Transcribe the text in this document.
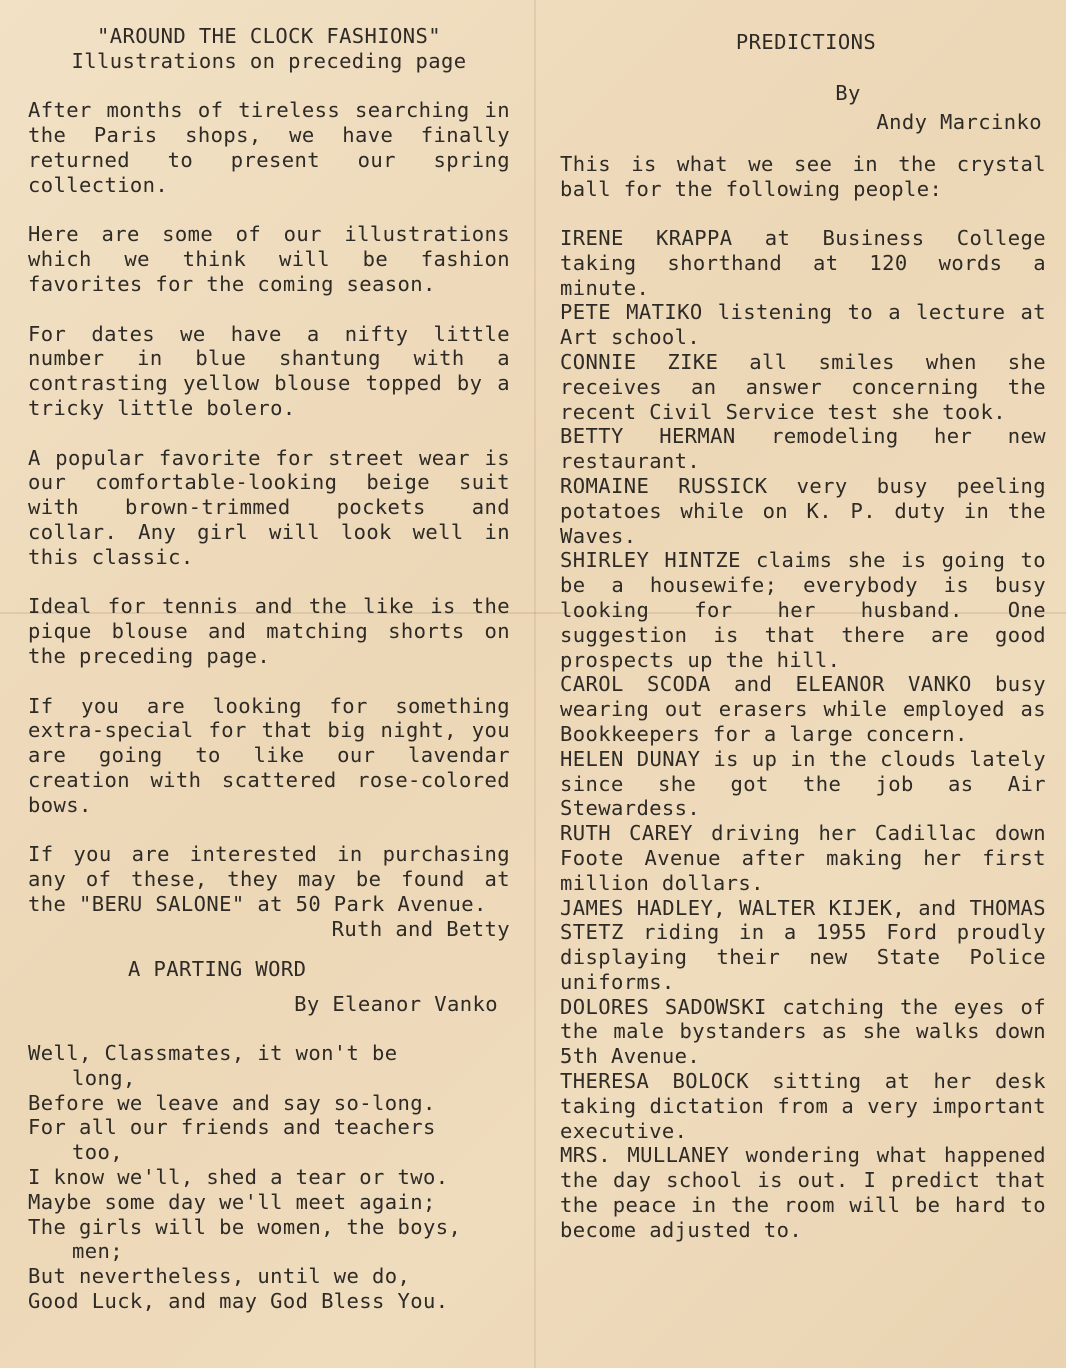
"AROUND THE CLOCK FASHIONS"

Illustrations on preceding page

After months of tireless searching in the Paris shops, we have finally returned to present our spring collection.

Here are some of our illustrations which we think will be fashion favorites for the coming season.

For dates we have a nifty little number in blue shantung with a contrasting yellow blouse topped by a tricky little bolero.

A popular favorite for street wear is our comfortable-looking beige suit with brown-trimmed pockets and collar. Any girl will look well in this classic.

Ideal for tennis and the like is the pique blouse and matching shorts on the preceding page.

If you are looking for something extra-special for that big night, you are going to like our lavendar creation with scattered rose-colored bows.

If you are interested in purchasing any of these, they may be found at the "BERU SALONE" at 50 Park Avenue.

Ruth and Betty

A PARTING WORD

By Eleanor Vanko

Well, Classmates, it won't be

long,

Before we leave and say so-long.

For all our friends and teachers

too,

I know we'll, shed a tear or two.

Maybe some day we'll meet again;

The girls will be women, the boys,

men;

But nevertheless, until we do,

Good Luck, and may God Bless You.

PREDICTIONS

By

Andy Marcinko

This is what we see in the crystal ball for the following people:

IRENE KRAPPA at Business College taking shorthand at 120 words a minute.

PETE MATIKO listening to a lecture at Art school.

CONNIE ZIKE all smiles when she receives an answer concerning the recent Civil Service test she took.

BETTY HERMAN remodeling her new restaurant.

ROMAINE RUSSICK very busy peeling potatoes while on K. P. duty in the Waves.

SHIRLEY HINTZE claims she is going to be a housewife; everybody is busy looking for her husband. One suggestion is that there are good prospects up the hill.

CAROL SCODA and ELEANOR VANKO busy wearing out erasers while employed as Bookkeepers for a large concern.

HELEN DUNAY is up in the clouds lately since she got the job as Air Stewardess.

RUTH CAREY driving her Cadillac down Foote Avenue after making her first million dollars.

JAMES HADLEY, WALTER KIJEK, and THOMAS STETZ riding in a 1955 Ford proudly displaying their new State Police uniforms.

DOLORES SADOWSKI catching the eyes of the male bystanders as she walks down 5th Avenue.

THERESA BOLOCK sitting at her desk taking dictation from a very important executive.

MRS. MULLANEY wondering what happened the day school is out. I predict that the peace in the room will be hard to become adjusted to.
